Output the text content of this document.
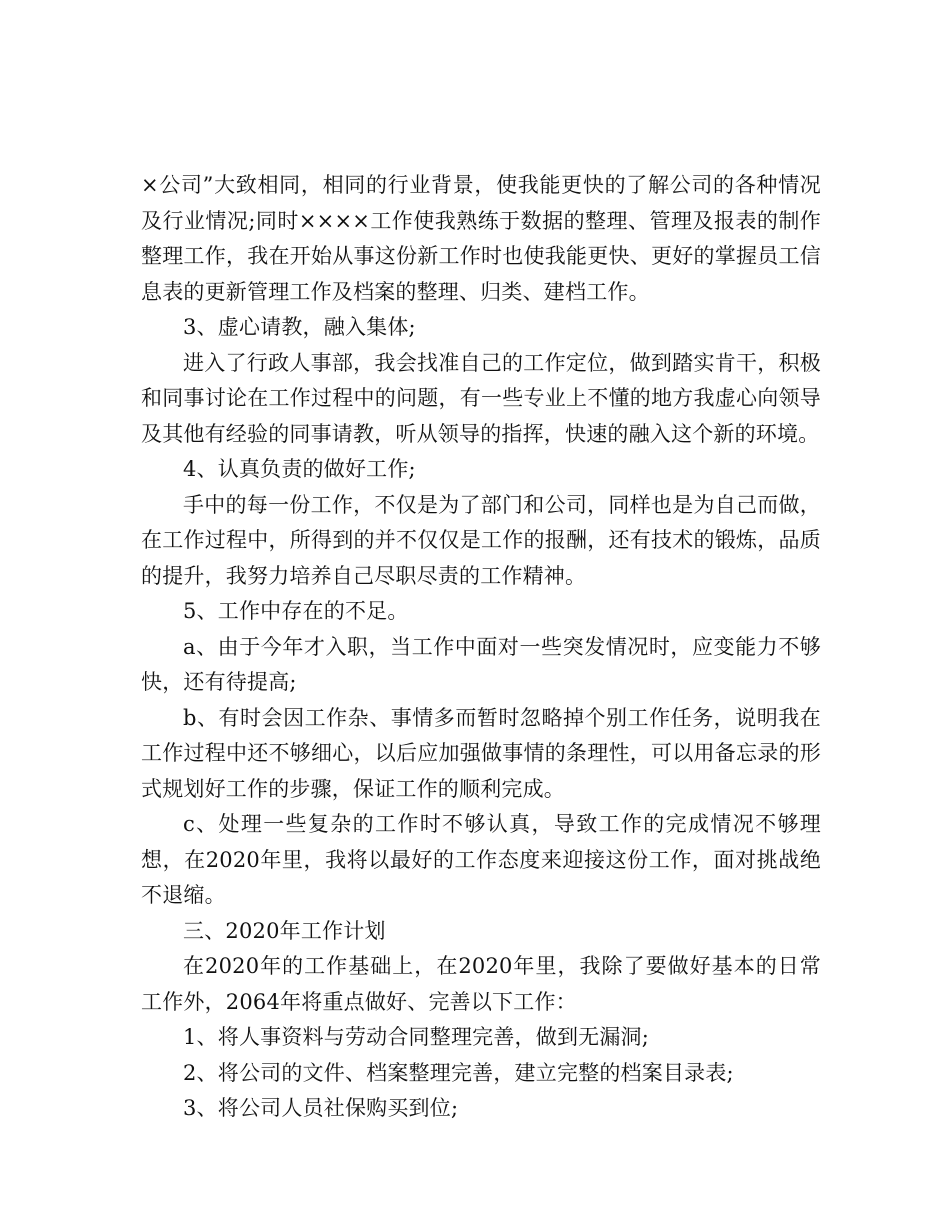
×公司”大致相同，相同的行业背景，使我能更快的了解公司的各种情况及行业情况;同时××××工作使我熟练于数据的整理、管理及报表的制作整理工作，我在开始从事这份新工作时也使我能更快、更好的掌握员工信息表的更新管理工作及档案的整理、归类、建档工作。

3、虚心请教，融入集体;

进入了行政人事部，我会找准自己的工作定位，做到踏实肯干，积极和同事讨论在工作过程中的问题，有一些专业上不懂的地方我虚心向领导及其他有经验的同事请教，听从领导的指挥，快速的融入这个新的环境。

4、认真负责的做好工作;

手中的每一份工作，不仅是为了部门和公司，同样也是为自己而做，在工作过程中，所得到的并不仅仅是工作的报酬，还有技术的锻炼，品质的提升，我努力培养自己尽职尽责的工作精神。

5、工作中存在的不足。

a、由于今年才入职，当工作中面对一些突发情况时，应变能力不够快，还有待提高;

b、有时会因工作杂、事情多而暂时忽略掉个别工作任务，说明我在工作过程中还不够细心，以后应加强做事情的条理性，可以用备忘录的形式规划好工作的步骤，保证工作的顺利完成。

c、处理一些复杂的工作时不够认真，导致工作的完成情况不够理想，在2020年里，我将以最好的工作态度来迎接这份工作，面对挑战绝不退缩。

三、2020年工作计划

在2020年的工作基础上，在2020年里，我除了要做好基本的日常工作外，2064年将重点做好、完善以下工作：

1、将人事资料与劳动合同整理完善，做到无漏洞;

2、将公司的文件、档案整理完善，建立完整的档案目录表;

3、将公司人员社保购买到位;
